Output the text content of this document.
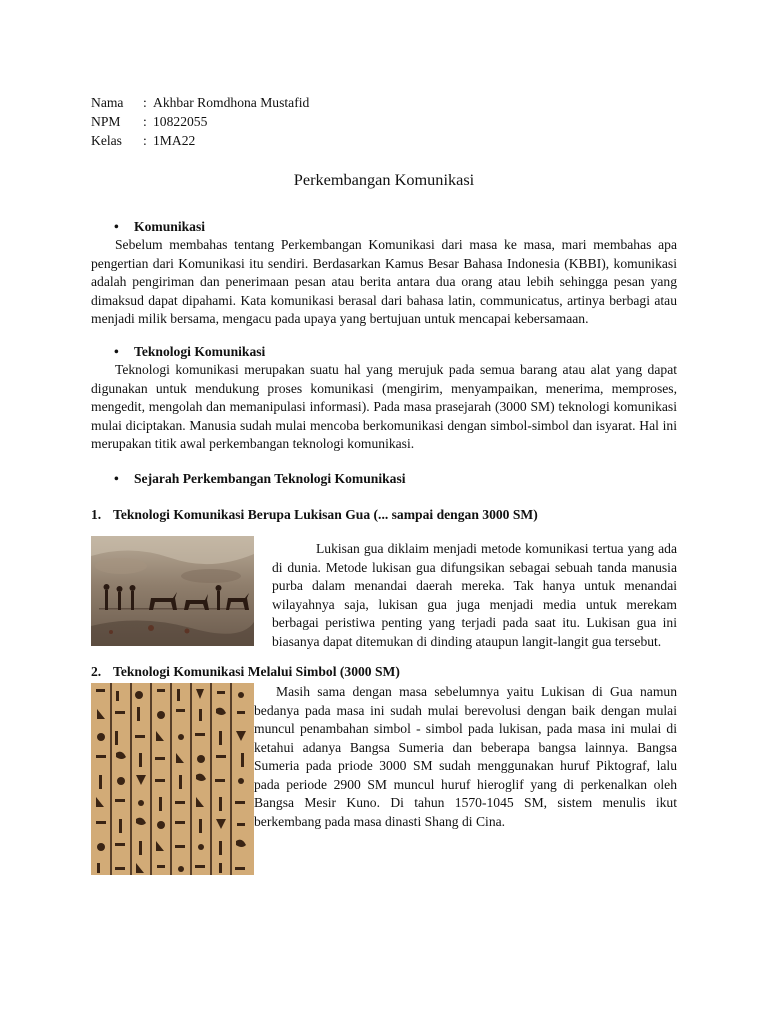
Nama	: Akhbar Romdhona Mustafid
NPM	: 10822055
Kelas	: 1MA22
Perkembangan Komunikasi
• Komunikasi
Sebelum membahas tentang Perkembangan Komunikasi dari masa ke masa, mari membahas apa pengertian dari Komunikasi itu sendiri. Berdasarkan Kamus Besar Bahasa Indonesia (KBBI), komunikasi adalah pengiriman dan penerimaan pesan atau berita antara dua orang atau lebih sehingga pesan yang dimaksud dapat dipahami. Kata komunikasi berasal dari bahasa latin, communicatus, artinya berbagi atau menjadi milik bersama, mengacu pada upaya yang bertujuan untuk mencapai kebersamaan.
• Teknologi Komunikasi
Teknologi komunikasi merupakan suatu hal yang merujuk pada semua barang atau alat yang dapat digunakan untuk mendukung proses komunikasi (mengirim, menyampaikan, menerima, memproses, mengedit, mengolah dan memanipulasi informasi). Pada masa prasejarah (3000 SM) teknologi komunikasi mulai diciptakan. Manusia sudah mulai mencoba berkomunikasi dengan simbol-simbol dan isyarat. Hal ini merupakan titik awal perkembangan teknologi komunikasi.
• Sejarah Perkembangan Teknologi Komunikasi
1. Teknologi Komunikasi Berupa Lukisan Gua (... sampai dengan 3000 SM)
Lukisan gua diklaim menjadi metode komunikasi tertua yang ada di dunia. Metode lukisan gua difungsikan sebagai sebuah tanda manusia purba dalam menandai daerah mereka. Tak hanya untuk menandai wilayahnya saja, lukisan gua juga menjadi media untuk merekam berbagai peristiwa penting yang terjadi pada saat itu. Lukisan gua ini biasanya dapat ditemukan di dinding ataupun langit-langit gua tersebut.
2. Teknologi Komunikasi Melalui Simbol (3000 SM)
Masih sama dengan masa sebelumnya yaitu Lukisan di Gua namun bedanya pada masa ini sudah mulai berevolusi dengan baik dengan mulai muncul penambahan simbol - simbol pada lukisan, pada masa ini mulai di ketahui adanya Bangsa Sumeria dan beberapa bangsa lainnya. Bangsa Sumeria pada priode 3000 SM sudah menggunakan huruf Piktograf, lalu pada periode 2900 SM muncul huruf hieroglif yang di perkenalkan oleh Bangsa Mesir Kuno. Di tahun 1570-1045 SM, sistem menulis ikut berkembang pada masa dinasti Shang di Cina.
